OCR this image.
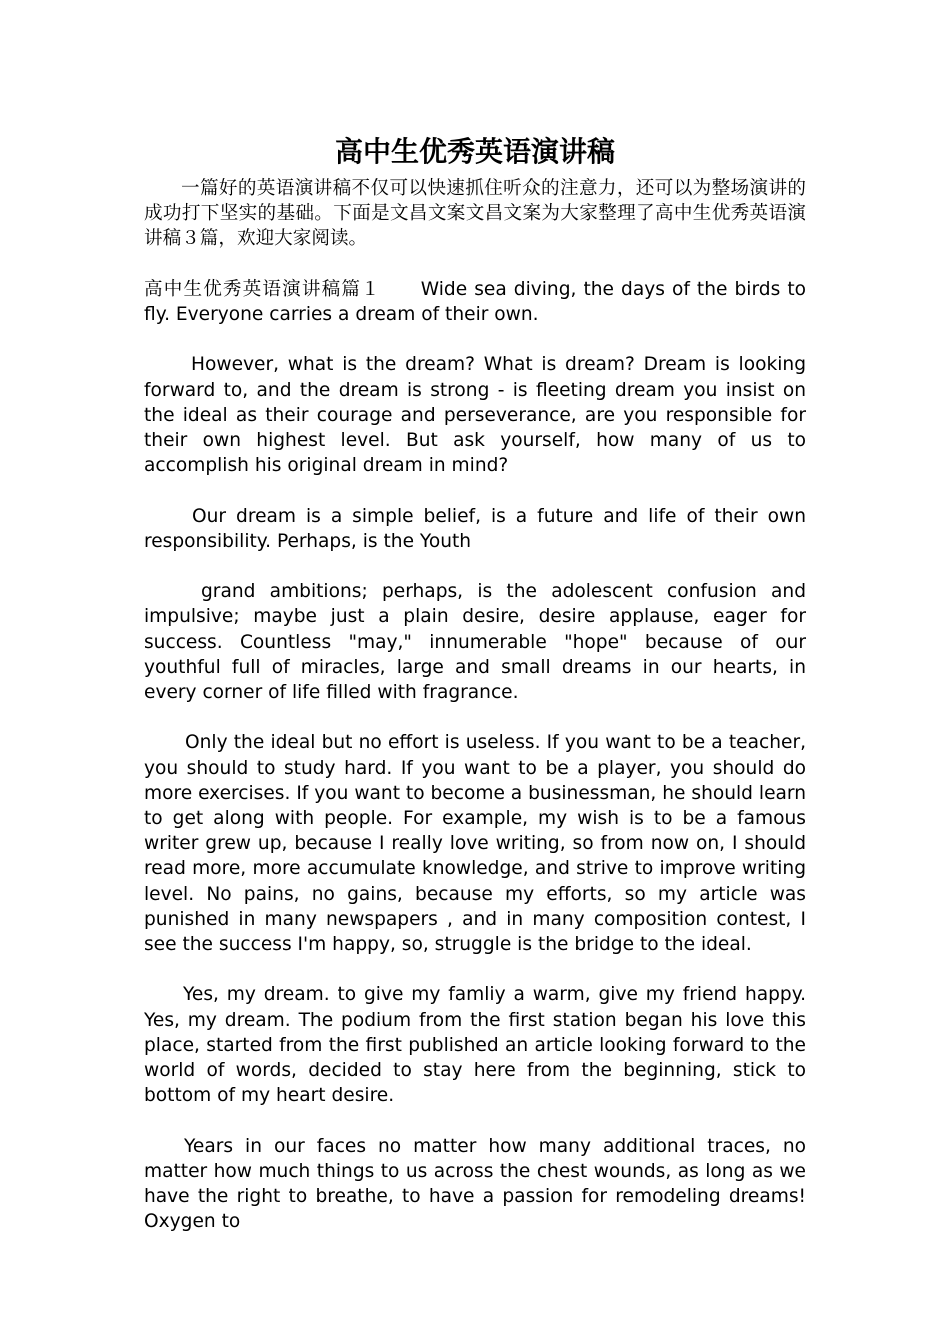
高中生优秀英语演讲稿

一篇好的英语演讲稿不仅可以快速抓住听众的注意力，还可以为整场演讲的成功打下坚实的基础。下面是文昌文案文昌文案为大家整理了高中生优秀英语演讲稿３篇，欢迎大家阅读。

高中生优秀英语演讲稿篇１ Wide sea diving, the days of the birds to fly. Everyone carries a dream of their own.

However, what is the dream? What is dream? Dream is looking forward to, and the dream is strong - is fleeting dream you insist on the ideal as their courage and perseverance, are you responsible for their own highest level. But ask yourself, how many of us to accomplish his original dream in mind?

Our dream is a simple belief, is a future and life of their own responsibility. Perhaps, is the Youth

grand ambitions; perhaps, is the adolescent confusion and impulsive; maybe just a plain desire, desire applause, eager for success. Countless "may," innumerable "hope" because of our youthful full of miracles, large and small dreams in our hearts, in every corner of life filled with fragrance.

Only the ideal but no effort is useless. If you want to be a teacher, you should to study hard. If you want to be a player, you should do more exercises. If you want to become a businessman, he should learn to get along with people. For example, my wish is to be a famous writer grew up, because I really love writing, so from now on, I should read more, more accumulate knowledge, and strive to improve writing level. No pains, no gains, because my efforts, so my article was punished in many newspapers , and in many composition contest, I see the success I'm happy, so, struggle is the bridge to the ideal.

Yes, my dream. to give my famliy a warm, give my friend happy. Yes, my dream. The podium from the first station began his love this place, started from the first published an article looking forward to the world of words, decided to stay here from the beginning, stick to bottom of my heart desire.

Years in our faces no matter how many additional traces, no matter how much things to us across the chest wounds, as long as we have the right to breathe, to have a passion for remodeling dreams! Oxygen to
